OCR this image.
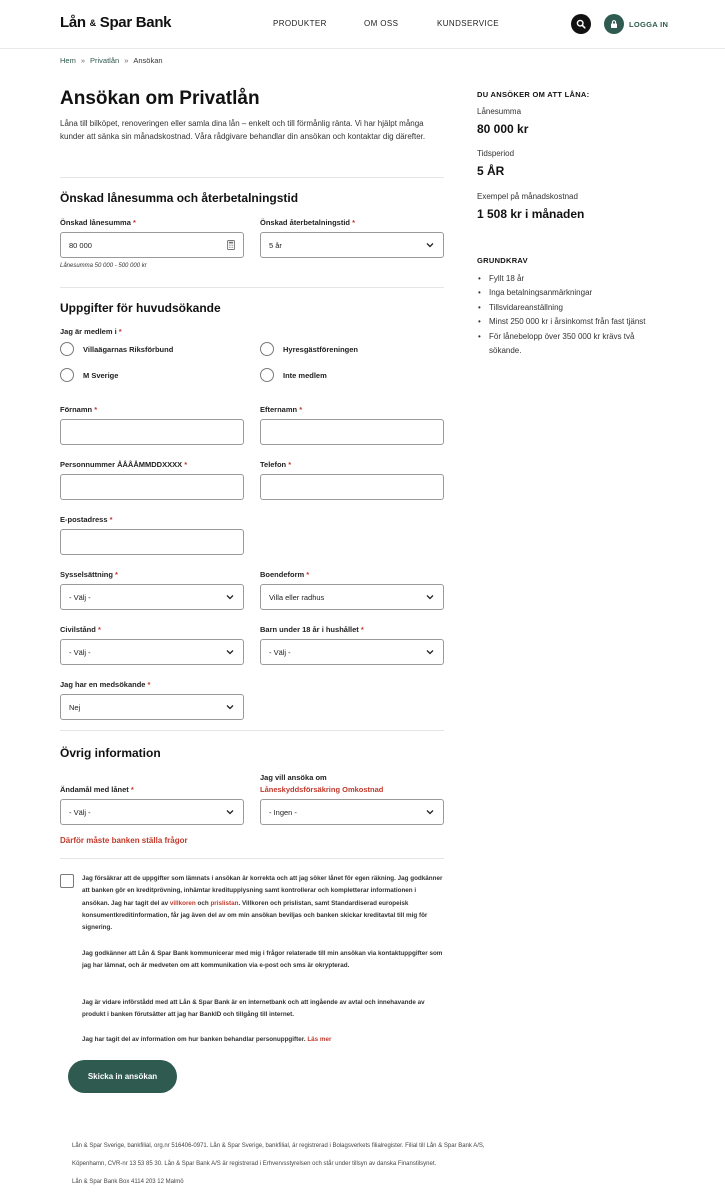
Lån & Spar Bank	PRODUKTER	OM OSS	KUNDSERVICE	LOGGA IN
Hem » Privatlån » Ansökan
Ansökan om Privatlån

Låna till bilköpet, renoveringen eller samla dina lån – enkelt och till förmånlig ränta. Vi har hjälpt många kunder att sänka sin månadskostnad. Våra rådgivare behandlar din ansökan och kontaktar dig därefter.

Önskad lånesumma och återbetalningstid
Önskad lånesumma *
80 000
Lånesumma 50 000 - 500 000 kr
Önskad återbetalningstid *
5 år
Uppgifter för huvudsökande
Jag är medlem i *
Villaägarnas Riksförbund	Hyresgästföreningen
M Sverige	Inte medlem
Förnamn *	Efternamn *
Personnummer ÅÅÅÅMMDDXXXX *	Telefon *
E-postadress *
Sysselsättning *
- Välj -
Boendeform *
Villa eller radhus
Civilstånd *
- Välj -
Barn under 18 år i hushållet *
- Välj -
Jag har en medsökande *
Nej
Övrig information
Ändamål med lånet *
- Välj -
Jag vill ansöka om
Låneskyddsförsäkring Omkostnad
- Ingen -
Därför måste banken ställa frågor

Jag försäkrar att de uppgifter som lämnats i ansökan är korrekta och att jag söker lånet för egen räkning. Jag godkänner att banken gör en kreditprövning, inhämtar kreditupplysning samt kontrollerar och kompletterar informationen i ansökan. Jag har tagit del av villkoren och prislistan. Villkoren och prislistan, samt Standardiserad europeisk konsumentkreditinformation, får jag även del av om min ansökan beviljas och banken skickar kreditavtal till mig för signering.

Jag godkänner att Lån & Spar Bank kommunicerar med mig i frågor relaterade till min ansökan via kontaktuppgifter som jag har lämnat, och är medveten om att kommunikation via e-post och sms är okrypterad.

Jag är vidare införstådd med att Lån & Spar Bank är en internetbank och att ingående av avtal och innehavande av produkt i banken förutsätter att jag har BankID och tillgång till internet.

Jag har tagit del av information om hur banken behandlar personuppgifter. Läs mer

Skicka in ansökan
Lån & Spar Sverige, bankfilial, org.nr 516406-0971. Lån & Spar Sverige, bankfilial, är registrerad i Bolagsverkets filialregister. Filial till Lån & Spar Bank A/S,
Köpenhamn, CVR-nr 13 53 85 30. Lån & Spar Bank A/S är registrerad i Erhvervsstyrelsen och står under tillsyn av danska Finanstilsynet.
Lån & Spar Bank Box 4114 203 12 Malmö
DU ANSÖKER OM ATT LÅNA:
Lånesumma
80 000 kr
Tidsperiod
5 ÅR
Exempel på månadskostnad
1 508 kr i månaden
GRUNDKRAV
• Fyllt 18 år
• Inga betalningsanmärkningar
• Tillsvidareanställning
• Minst 250 000 kr i årsinkomst från fast tjänst
• För lånebelopp över 350 000 kr krävs två sökande.
